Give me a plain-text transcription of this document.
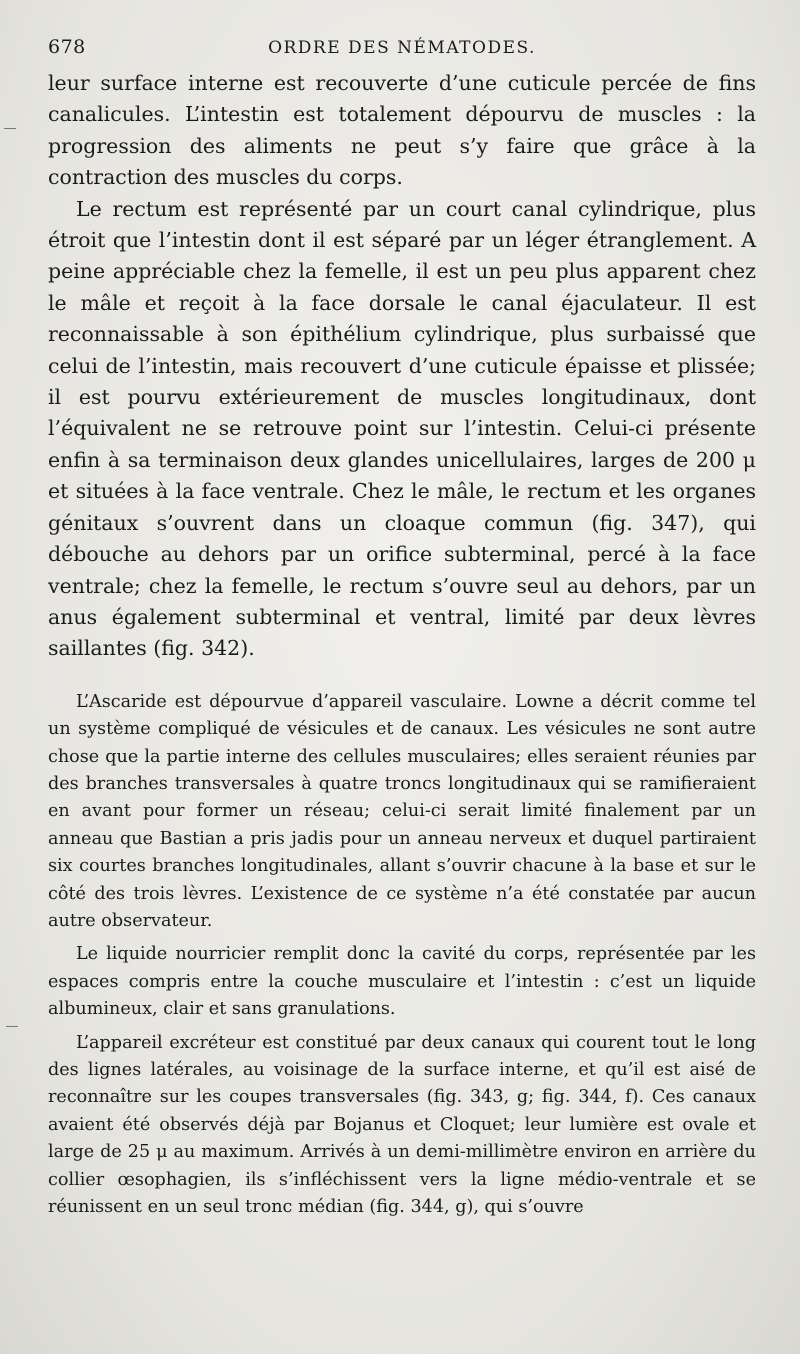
678	ORDRE DES NÉMATODES.

leur surface interne est recouverte d’une cuticule percée de fins canalicules. L’intestin est totalement dépourvu de muscles : la progression des aliments ne peut s’y faire que grâce à la contraction des muscles du corps.

Le rectum est représenté par un court canal cylindrique, plus étroit que l’intestin dont il est séparé par un léger étranglement. A peine appréciable chez la femelle, il est un peu plus apparent chez le mâle et reçoit à la face dorsale le canal éjaculateur. Il est reconnaissable à son épithélium cylindrique, plus surbaissé que celui de l’intestin, mais recouvert d’une cuticule épaisse et plissée; il est pourvu extérieurement de muscles longitudinaux, dont l’équivalent ne se retrouve point sur l’intestin. Celui-ci présente enfin à sa terminaison deux glandes unicellulaires, larges de 200 μ et situées à la face ventrale. Chez le mâle, le rectum et les organes génitaux s’ouvrent dans un cloaque commun (fig. 347), qui débouche au dehors par un orifice subterminal, percé à la face ventrale; chez la femelle, le rectum s’ouvre seul au dehors, par un anus également subterminal et ventral, limité par deux lèvres saillantes (fig. 342).

L’Ascaride est dépourvue d’appareil vasculaire. Lowne a décrit comme tel un système compliqué de vésicules et de canaux. Les vésicules ne sont autre chose que la partie interne des cellules musculaires; elles seraient réunies par des branches transversales à quatre troncs longitudinaux qui se ramifieraient en avant pour former un réseau; celui-ci serait limité finalement par un anneau que Bastian a pris jadis pour un anneau nerveux et duquel partiraient six courtes branches longitudinales, allant s’ouvrir chacune à la base et sur le côté des trois lèvres. L’existence de ce système n’a été constatée par aucun autre observateur.

Le liquide nourricier remplit donc la cavité du corps, représentée par les espaces compris entre la couche musculaire et l’intestin : c’est un liquide albumineux, clair et sans granulations.

L’appareil excréteur est constitué par deux canaux qui courent tout le long des lignes latérales, au voisinage de la surface interne, et qu’il est aisé de reconnaître sur les coupes transversales (fig. 343, g; fig. 344, f). Ces canaux avaient été observés déjà par Bojanus et Cloquet; leur lumière est ovale et large de 25 μ au maximum. Arrivés à un demi-millimètre environ en arrière du collier œsophagien, ils s’infléchissent vers la ligne médio-ventrale et se réunissent en un seul tronc médian (fig. 344, g), qui s’ouvre
